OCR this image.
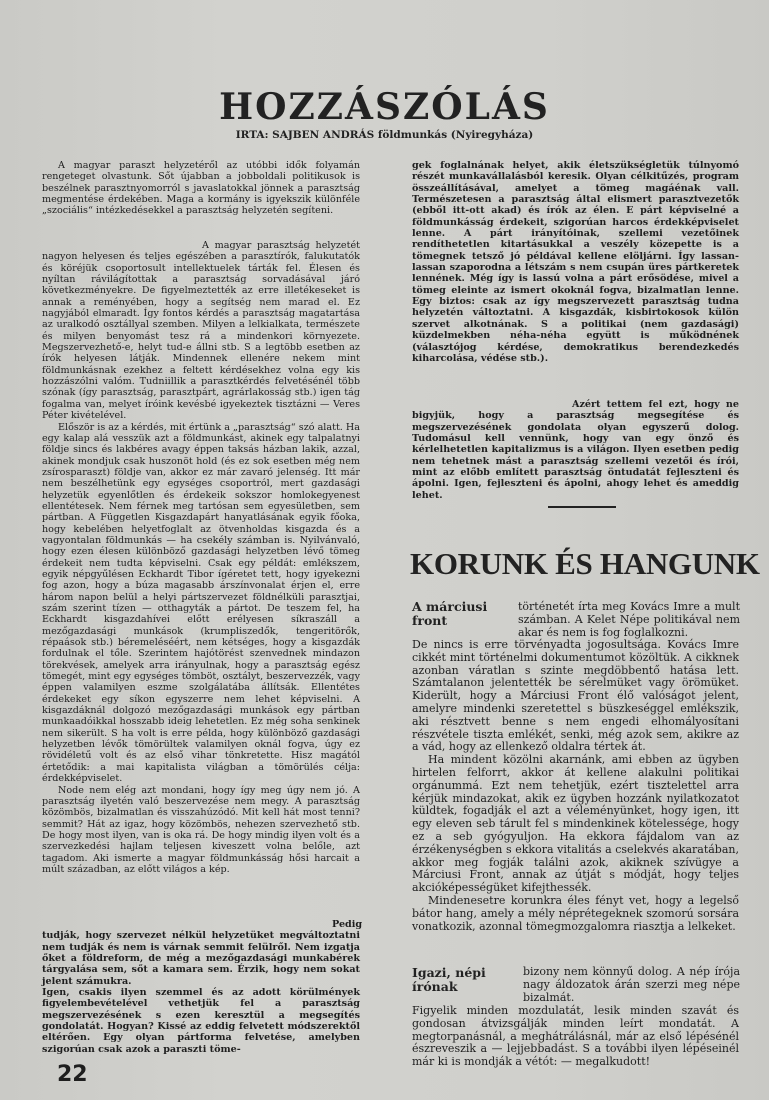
HOZZÁSZÓLÁS
IRTA: SAJBEN ANDRÁS földmunkás (Nyiregyháza)

A magyar paraszt helyzetéről az utóbbi idők folyamán rengeteget olvastunk. Sőt újabban a jobboldali politikusok is beszélnek parasztnyomorról s javaslatokkal jönnek a parasztság megmentése érdekében. Maga a kormány is igyekszik különféle „szociális“ intézkedésekkel a parasztság helyzetén segíteni.

A magyar parasztság helyzetét nagyon helyesen és teljes egészében a parasztírók, falukutatók és köréjük csoportosult intellektuelek tárták fel. Élesen és nyíltan rávilágítottak a parasztság sorvadásával járó következményekre. De figyelmeztették az erre illetékeseket is annak a reményében, hogy a segítség nem marad el. Ez nagyjából elmaradt. Így fontos kérdés a parasztság magatartása az uralkodó osztállyal szemben. Milyen a lelkialkata, természete és milyen benyomást tesz rá a mindenkori környezete. Megszervezhető-e, helyt tud-e állni stb. S a legtöbb esetben az írók helyesen látják. Mindennek ellenére nekem mint földmunkásnak ezekhez a feltett kérdésekhez volna egy kis hozzászólni valóm. Tudniillik a parasztkérdés felvetésénél több szónak (így parasztság, parasztpárt, agrárlakosság stb.) igen tág fogalma van, melyet íróink kevésbé igyekeztek tisztázni — Veres Péter kivételével.

Először is az a kérdés, mit értünk a „parasztság“ szó alatt. Ha egy kalap alá vesszük azt a földmunkást, akinek egy talpalatnyi földje sincs és lakbéres avagy éppen taksás házban lakik, azzal, akinek mondjuk csak huszonöt hold (és ez sok esetben még nem zsírosparaszt) földje van, akkor ez már zavaró jelenség. Itt már nem beszélhetünk egy egységes csoportról, mert gazdasági helyzetük egyenlőtlen és érdekeik sokszor homlokegyenest ellentétesek. Nem férnek meg tartósan sem egyesületben, sem pártban. A Független Kisgazdapárt hanyatlásának egyik főoka, hogy kebelében helyetfoglalt az ötvenholdas kisgazda és a vagyontalan földmunkás — ha csekély számban is. Nyilvánvaló, hogy ezen élesen különböző gazdasági helyzetben lévő tömeg érdekeit nem tudta képviselni. Csak egy példát: emlékszem, egyik népgyűlésen Eckhardt Tibor ígéretet tett, hogy igyekezni fog azon, hogy a búza magasabb árszínvonalat érjen el, erre három napon belül a helyi pártszervezet földnélküli parasztjai, szám szerint tízen — otthagyták a pártot. De teszem fel, ha Eckhardt kisgazdahívei előtt erélyesen síkraszáll a mezőgazdasági munkások (krumpliszedők, tengeritörők, répaások stb.) béremeléséért, nem kétséges, hogy a kisgazdák fordulnak el tőle. Szerintem hajótörést szenvednek mindazon törekvések, amelyek arra irányulnak, hogy a parasztság egész tömegét, mint egy egységes tömböt, osztályt, beszervezzék, vagy éppen valamilyen eszme szolgálatába állítsák. Ellentétes érdekeket egy síkon egyszerre nem lehet képviselni. A kisgazdáknál dolgozó mezőgazdasági munkások egy pártban munkaadóikkal hosszabb ideig lehetetlen. Ez még soha senkinek nem sikerült. S ha volt is erre példa, hogy különböző gazdasági helyzetben lévők tömörültek valamilyen oknál fogva, úgy ez rövidéletű volt és az első vihar tönkretette. Hisz magától értetődik: a mai kapitalista világban a tömörülés célja: érdekképviselet.

Node nem elég azt mondani, hogy így meg úgy nem jó. A parasztság ilyetén való beszervezése nem megy. A parasztság közömbös, bizalmatlan és visszahúzódó. Mit kell hát most tenni? semmit? Hát az igaz, hogy közömbös, nehezen szervezhető stb. De hogy most ilyen, van is oka rá. De hogy mindig ilyen volt és a szervezkedési hajlam teljesen kiveszett volna belőle, azt tagadom. Aki ismerte a magyar földmunkásság hősi harcait a múlt században, az előtt világos a kép.

Pedig tudják, hogy szervezet nélkül helyzetüket megváltoztatni nem tudják és nem is várnak semmit felülről. Nem izgatja őket a földreform, de még a mezőgazdasági munkabérek tárgyalása sem, sőt a kamara sem. Érzik, hogy nem sokat jelent számukra.

Igen, csakis ilyen szemmel és az adott körülmények figyelembevételével vethetjük fel a parasztság megszervezésének s ezen keresztül a megsegítés gondolatát. Hogyan? Kissé az eddig felvetett módszerektől eltérően. Egy olyan pártforma felvetése, amelyben szigorúan csak azok a paraszti töme-

22

gek foglalnának helyet, akik életszükségletük túlnyomó részét munkavállalásból keresik. Olyan célkitűzés, program összeállításával, amelyet a tömeg magáénak vall. Természetesen a parasztság által elismert parasztvezetők (ebből itt-ott akad) és írók az élen. E párt képviselné a földmunkásság érdekeit, szigorúan harcos érdekképviselet lenne. A párt irányítóinak, szellemi vezetőinek rendíthetetlen kitartásukkal a veszély közepette is a tömegnek tetsző jó példával kellene elöljárni. Így lassan-lassan szaporodna a létszám s nem csupán üres pártkeretek lennének. Még így is lassú volna a párt erősödése, mivel a tömeg eleinte az ismert okoknál fogva, bizalmatlan lenne. Egy biztos: csak az így megszervezett parasztság tudna helyzetén változtatni. A kisgazdák, kisbirtokosok külön szervet alkotnának. S a politikai (nem gazdasági) küzdelmekben néha-néha együtt is működnének (választójog kérdése, demokratikus berendezkedés kiharcolása, védése stb.).

Azért tettem fel ezt, hogy ne bigyjük, hogy a parasztság megsegítése és megszervezésének gondolata olyan egyszerű dolog. Tudomásul kell vennünk, hogy van egy önző és kérlelhetetlen kapitalizmus is a világon. Ilyen esetben pedig nem tehetnek mást a parasztság szellemi vezetői és írói, mint az előbb említett parasztság öntudatát fejleszteni és ápolni. Igen, fejleszteni és ápolni, ahogy lehet és ameddig lehet.

KORUNK ÉS HANGUNK
A márciusi
front

történetét írta meg Kovács Imre a mult számban. A Kelet Népe politikával nem akar és nem is fog foglalkozni.

De nincs is erre törvényadta jogosultsága. Kovács Imre cikkét mint történelmi dokumentumot közöltük. A cikknek azonban váratlan s szinte megdöbbentő hatása lett. Számtalanon jelentették be sérelmüket vagy örömüket. Kiderült, hogy a Márciusi Front élő valóságot jelent, amelyre mindenki szeretettel s büszkeséggel emlékszik, aki résztvett benne s nem engedi elhomályosítani részvétele tiszta emlékét, senki, még azok sem, akikre az a vád, hogy az ellenkező oldalra tértek át.

Ha mindent közölni akarnánk, ami ebben az ügyben hirtelen felforrt, akkor át kellene alakulni politikai orgánummá. Ezt nem tehetjük, ezért tisztelettel arra kérjük mindazokat, akik ez ügyben hozzánk nyilatkozatot küldtek, fogadják el azt a véleményünket, hogy igen, itt egy eleven seb tárult fel s mindenkinek kötelessége, hogy ez a seb gyógyuljon. Ha ekkora fájdalom van az érzékenységben s ekkora vitalitás a cselekvés akaratában, akkor meg fogják találni azok, akiknek szívügye a Márciusi Front, annak az útját s módját, hogy teljes akcióképességüket kifejthessék.

Mindenesetre korunkra éles fényt vet, hogy a legelső bátor hang, amely a mély néprétegeknek szomorú sorsára vonatkozik, azonnal tömegmozgalomra riasztja a lelkeket.

Igazi, népi
írónak

bizony nem könnyű dolog. A nép írója nagy áldozatok árán szerzi meg népe bizalmát.

Figyelik minden mozdulatát, lesik minden szavát és gondosan átvizsgálják minden leírt mondatát. A megtorpanásnál, a meghátrálásnál, már az első lépésénél észreveszik a — lejjebbadást. S a további ilyen lépéseinél már ki is mondják a vétót: — megalkudott!
